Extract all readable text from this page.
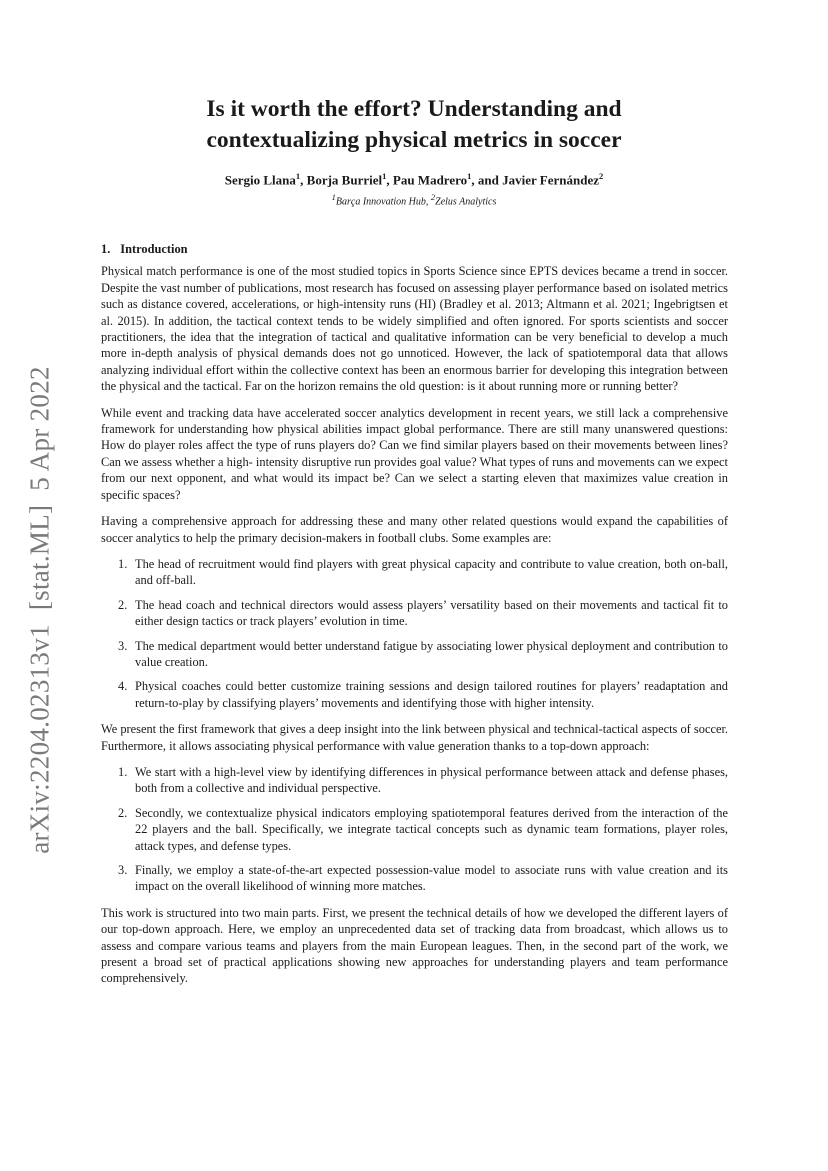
arXiv:2204.02313v1[stat.ML]5 Apr 2022
Is it worth the effort? Understanding and
contextualizing physical metrics in soccer
Sergio Llana$^1$, Borja Burriel$^1$, Pau Madrero$^1$, and Javier Fernández$^2$
$^1$Barça Innovation Hub, $^2$Zelus Analytics
1. Introduction

Physical match performance is one of the most studied topics in Sports Science since EPTS devices became a trend in soccer. Despite the vast number of publications, most research has focused on assessing player performance based on isolated metrics such as distance covered, accelerations, or high-intensity runs (HI) (Bradley et al. 2013; Altmann et al. 2021; Ingebrigtsen et al. 2015). In addition, the tactical context tends to be widely simplified and often ignored. For sports scientists and soccer practitioners, the idea that the integration of tactical and qualitative information can be very beneficial to develop a much more in-depth analysis of physical demands does not go unnoticed. However, the lack of spatiotemporal data that allows analyzing individual effort within the collective context has been an enormous barrier for developing this integration between the physical and the tactical. Far on the horizon remains the old question: is it about running more or running better?

While event and tracking data have accelerated soccer analytics development in recent years, we still lack a comprehensive framework for understanding how physical abilities impact global performance. There are still many unanswered questions: How do player roles affect the type of runs players do? Can we find similar players based on their movements between lines? Can we assess whether a high- intensity disruptive run provides goal value? What types of runs and movements can we expect from our next opponent, and what would its impact be? Can we select a starting eleven that maximizes value creation in specific spaces?

Having a comprehensive approach for addressing these and many other related questions would expand the capabilities of soccer analytics to help the primary decision-makers in football clubs. Some examples are:

1. The head of recruitment would find players with great physical capacity and contribute to value creation, both on-ball, and off-ball.
2. The head coach and technical directors would assess players’ versatility based on their movements and tactical fit to either design tactics or track players’ evolution in time.
3. The medical department would better understand fatigue by associating lower physical deployment and contribution to value creation.
4. Physical coaches could better customize training sessions and design tailored routines for players’ readaptation and return-to-play by classifying players’ movements and identifying those with higher intensity.

We present the first framework that gives a deep insight into the link between physical and technical-tactical aspects of soccer. Furthermore, it allows associating physical performance with value generation thanks to a top-down approach:

1. We start with a high-level view by identifying differences in physical performance between attack and defense phases, both from a collective and individual perspective.
2. Secondly, we contextualize physical indicators employing spatiotemporal features derived from the interaction of the 22 players and the ball. Specifically, we integrate tactical concepts such as dynamic team formations, player roles, attack types, and defense types.
3. Finally, we employ a state-of-the-art expected possession-value model to associate runs with value creation and its impact on the overall likelihood of winning more matches.

This work is structured into two main parts. First, we present the technical details of how we developed the different layers of our top-down approach. Here, we employ an unprecedented data set of tracking data from broadcast, which allows us to assess and compare various teams and players from the main European leagues. Then, in the second part of the work, we present a broad set of practical applications showing new approaches for understanding players and team performance comprehensively.
